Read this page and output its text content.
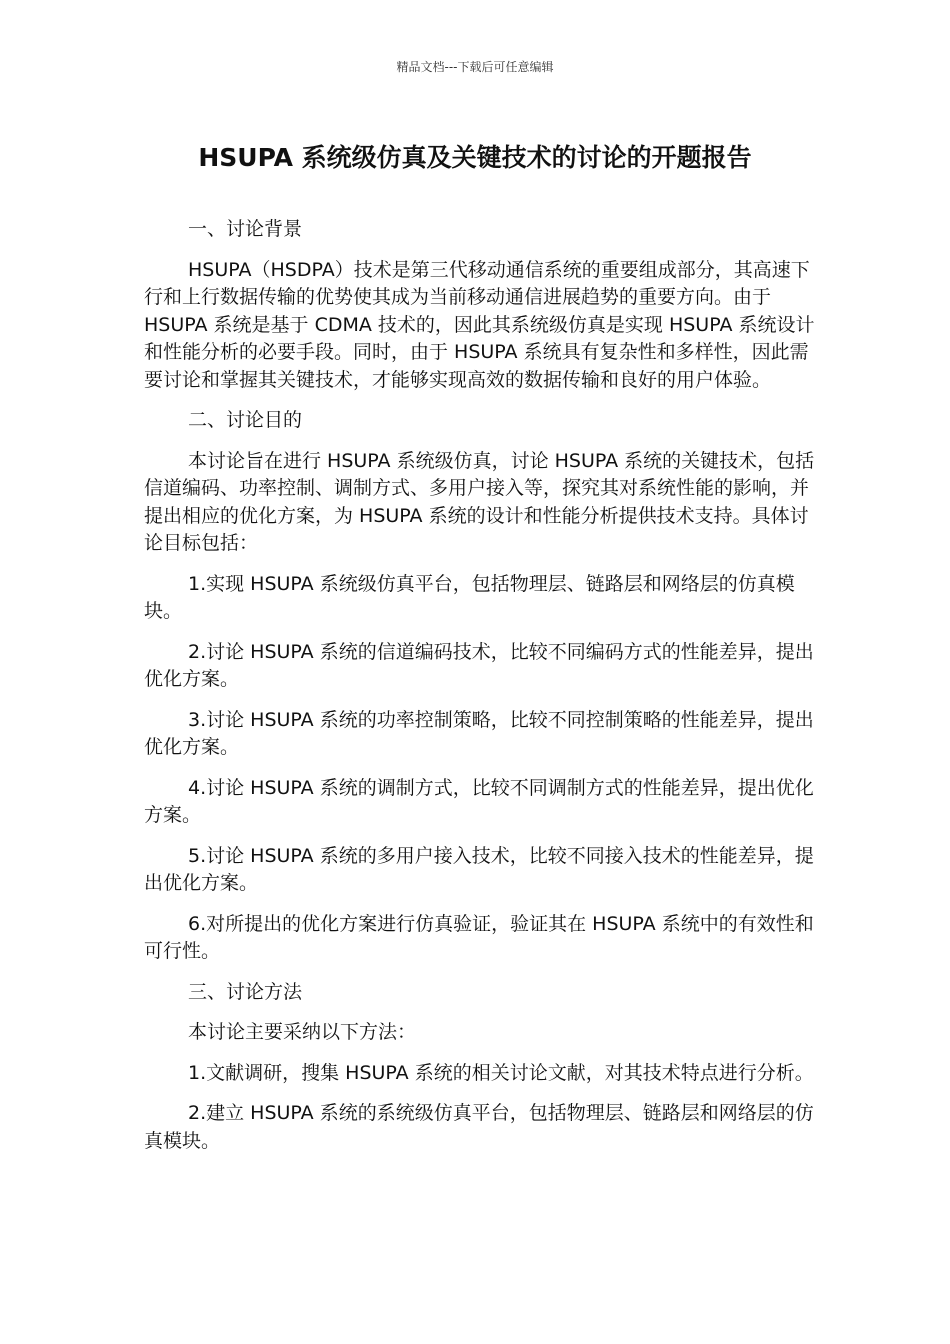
精品文档---下载后可任意编辑
HSUPA 系统级仿真及关键技术的讨论的开题报告

一、讨论背景

HSUPA（HSDPA）技术是第三代移动通信系统的重要组成部分，其高速下行和上行数据传输的优势使其成为当前移动通信进展趋势的重要方向。由于 HSUPA 系统是基于 CDMA 技术的，因此其系统级仿真是实现 HSUPA 系统设计和性能分析的必要手段。同时，由于 HSUPA 系统具有复杂性和多样性，因此需要讨论和掌握其关键技术，才能够实现高效的数据传输和良好的用户体验。

二、讨论目的

本讨论旨在进行 HSUPA 系统级仿真，讨论 HSUPA 系统的关键技术，包括信道编码、功率控制、调制方式、多用户接入等，探究其对系统性能的影响，并提出相应的优化方案，为 HSUPA 系统的设计和性能分析提供技术支持。具体讨论目标包括：

1.实现 HSUPA 系统级仿真平台，包括物理层、链路层和网络层的仿真模块。

2.讨论 HSUPA 系统的信道编码技术，比较不同编码方式的性能差异，提出优化方案。

3.讨论 HSUPA 系统的功率控制策略，比较不同控制策略的性能差异，提出优化方案。

4.讨论 HSUPA 系统的调制方式，比较不同调制方式的性能差异，提出优化方案。

5.讨论 HSUPA 系统的多用户接入技术，比较不同接入技术的性能差异，提出优化方案。

6.对所提出的优化方案进行仿真验证，验证其在 HSUPA 系统中的有效性和可行性。

三、讨论方法

本讨论主要采纳以下方法：

1.文献调研，搜集 HSUPA 系统的相关讨论文献，对其技术特点进行分析。

2.建立 HSUPA 系统的系统级仿真平台，包括物理层、链路层和网络层的仿真模块。
